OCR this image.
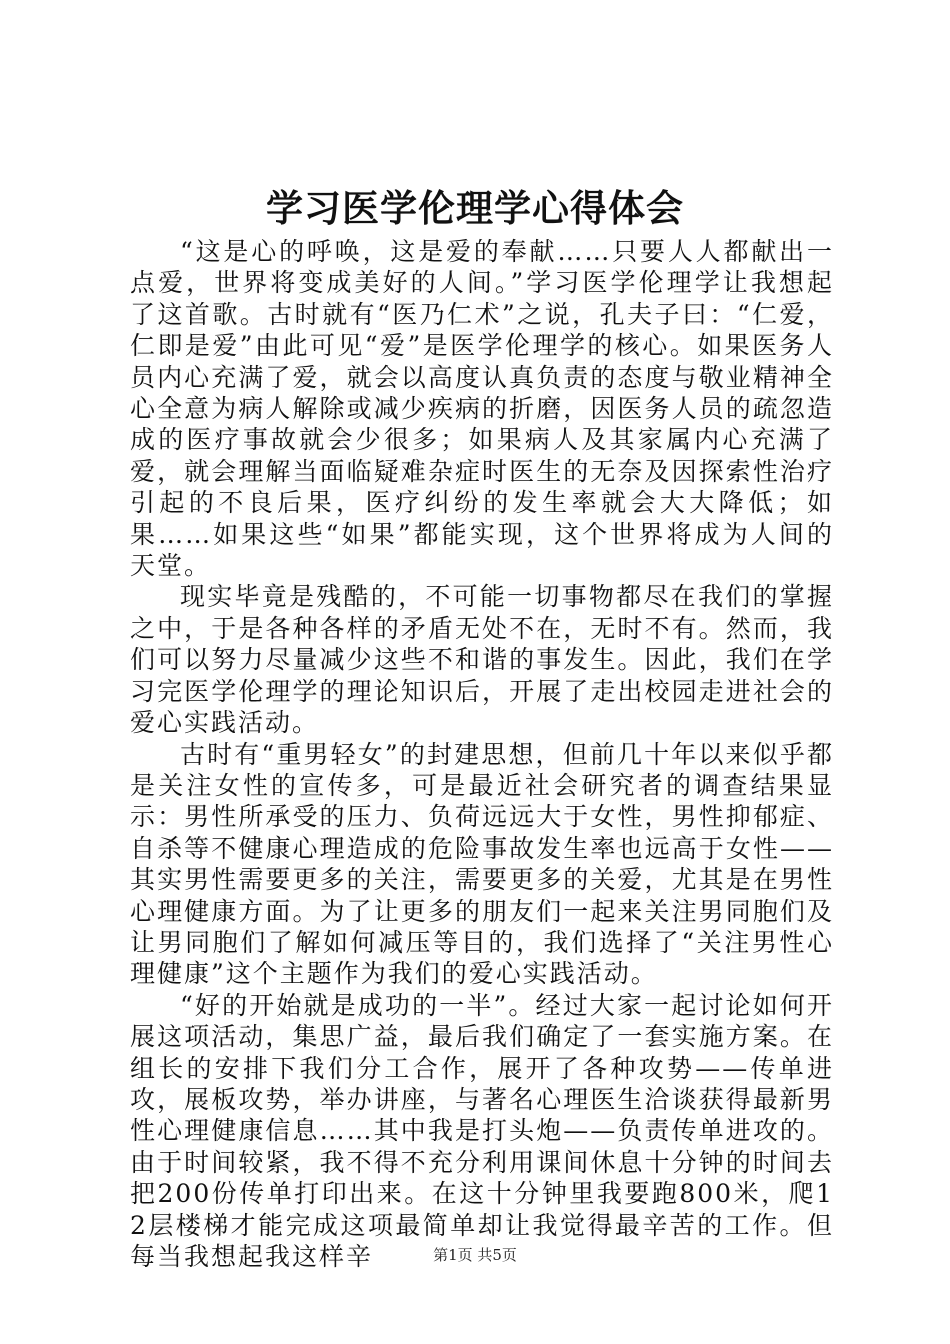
学习医学伦理学心得体会

“这是心的呼唤，这是爱的奉献……只要人人都献出一点爱，世界将变成美好的人间。”学习医学伦理学让我想起了这首歌。古时就有“医乃仁术”之说，孔夫子曰：“仁爱，仁即是爱”由此可见“爱”是医学伦理学的核心。如果医务人员内心充满了爱，就会以高度认真负责的态度与敬业精神全心全意为病人解除或减少疾病的折磨，因医务人员的疏忽造成的医疗事故就会少很多；如果病人及其家属内心充满了爱，就会理解当面临疑难杂症时医生的无奈及因探索性治疗引起的不良后果，医疗纠纷的发生率就会大大降低；如果……如果这些“如果”都能实现，这个世界将成为人间的天堂。

现实毕竟是残酷的，不可能一切事物都尽在我们的掌握之中，于是各种各样的矛盾无处不在，无时不有。然而，我们可以努力尽量减少这些不和谐的事发生。因此，我们在学习完医学伦理学的理论知识后，开展了走出校园走进社会的爱心实践活动。

古时有“重男轻女”的封建思想，但前几十年以来似乎都是关注女性的宣传多，可是最近社会研究者的调查结果显示：男性所承受的压力、负荷远远大于女性，男性抑郁症、自杀等不健康心理造成的危险事故发生率也远高于女性——其实男性需要更多的关注，需要更多的关爱，尤其是在男性心理健康方面。为了让更多的朋友们一起来关注男同胞们及让男同胞们了解如何减压等目的，我们选择了“关注男性心理健康”这个主题作为我们的爱心实践活动。

“好的开始就是成功的一半”。经过大家一起讨论如何开展这项活动，集思广益，最后我们确定了一套实施方案。在组长的安排下我们分工合作，展开了各种攻势——传单进攻，展板攻势，举办讲座，与著名心理医生洽谈获得最新男性心理健康信息……其中我是打头炮——负责传单进攻的。由于时间较紧，我不得不充分利用课间休息十分钟的时间去把200份传单打印出来。在这十分钟里我要跑800米，爬12层楼梯才能完成这项最简单却让我觉得最辛苦的工作。但每当我想起我这样辛	第1页 共5页
